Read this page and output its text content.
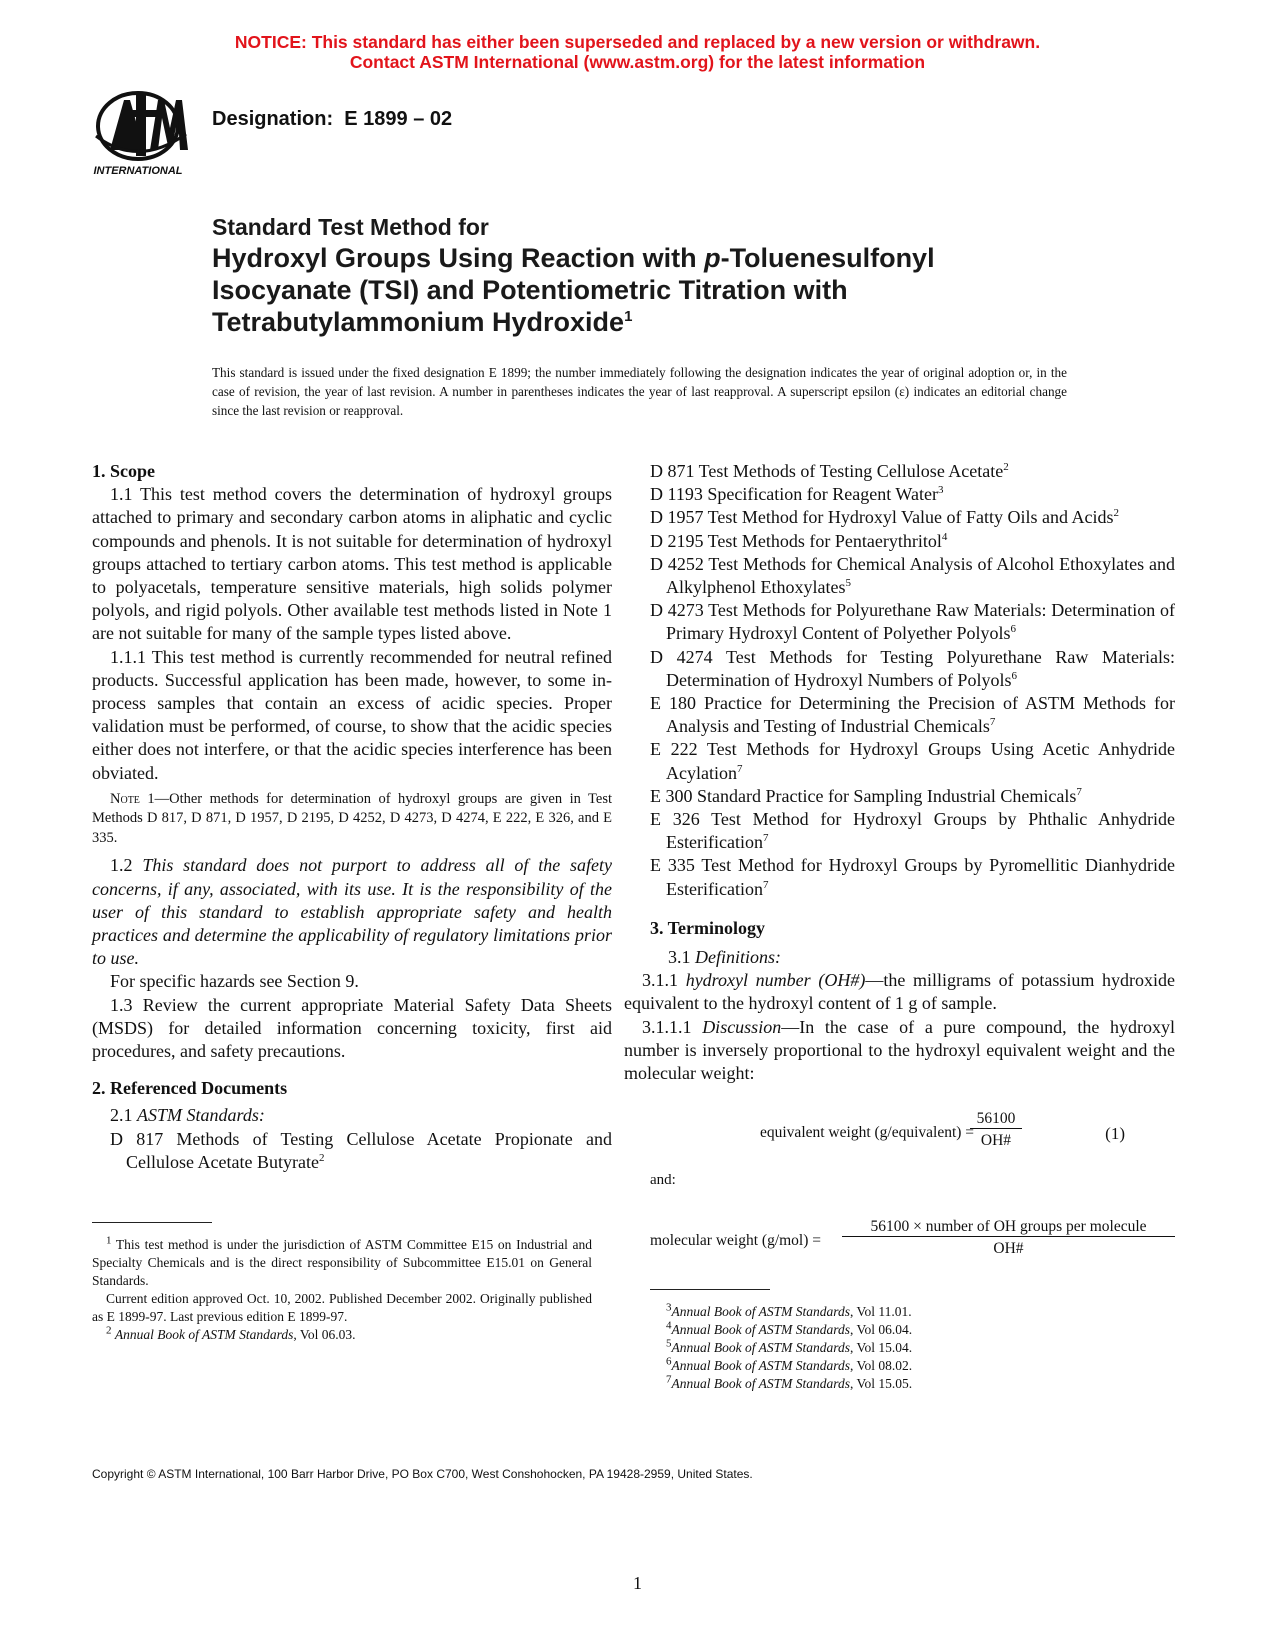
NOTICE: This standard has either been superseded and replaced by a new version or withdrawn.
Contact ASTM International (www.astm.org) for the latest information
INTERNATIONAL
Designation: E 1899 – 02
Standard Test Method for
Hydroxyl Groups Using Reaction with p-Toluenesulfonyl
Isocyanate (TSI) and Potentiometric Titration with
Tetrabutylammonium Hydroxide$^1$
This standard is issued under the fixed designation E 1899; the number immediately following the designation indicates the year of original adoption or, in the case of revision, the year of last revision. A number in parentheses indicates the year of last reapproval. A superscript epsilon (ε) indicates an editorial change since the last revision or reapproval.

1. Scope

1.1 This test method covers the determination of hydroxyl groups attached to primary and secondary carbon atoms in aliphatic and cyclic compounds and phenols. It is not suitable for determination of hydroxyl groups attached to tertiary carbon atoms. This test method is applicable to polyacetals, temperature sensitive materials, high solids polymer polyols, and rigid polyols. Other available test methods listed in Note 1 are not suitable for many of the sample types listed above.

1.1.1 This test method is currently recommended for neutral refined products. Successful application has been made, however, to some in-process samples that contain an excess of acidic species. Proper validation must be performed, of course, to show that the acidic species either does not interfere, or that the acidic species interference has been obviated.

Note 1—Other methods for determination of hydroxyl groups are given in Test Methods D 817, D 871, D 1957, D 2195, D 4252, D 4273, D 4274, E 222, E 326, and E 335.

1.2 This standard does not purport to address all of the safety concerns, if any, associated, with its use. It is the responsibility of the user of this standard to establish appropriate safety and health practices and determine the applicability of regulatory limitations prior to use.

For specific hazards see Section 9.

1.3 Review the current appropriate Material Safety Data Sheets (MSDS) for detailed information concerning toxicity, first aid procedures, and safety precautions.

2. Referenced Documents

2.1 ASTM Standards:

D 817 Methods of Testing Cellulose Acetate Propionate and Cellulose Acetate Butyrate$^2$

$^1$ This test method is under the jurisdiction of ASTM Committee E15 on Industrial and Specialty Chemicals and is the direct responsibility of Subcommittee E15.01 on General Standards.

Current edition approved Oct. 10, 2002. Published December 2002. Originally published as E 1899-97. Last previous edition E 1899-97.

$^2$ Annual Book of ASTM Standards, Vol 06.03.

D 871 Test Methods of Testing Cellulose Acetate$^2$

D 1193 Specification for Reagent Water$^3$

D 1957 Test Method for Hydroxyl Value of Fatty Oils and Acids$^2$

D 2195 Test Methods for Pentaerythritol$^4$

D 4252 Test Methods for Chemical Analysis of Alcohol Ethoxylates and Alkylphenol Ethoxylates$^5$

D 4273 Test Methods for Polyurethane Raw Materials: Determination of Primary Hydroxyl Content of Polyether Polyols$^6$

D 4274 Test Methods for Testing Polyurethane Raw Materials: Determination of Hydroxyl Numbers of Polyols$^6$

E 180 Practice for Determining the Precision of ASTM Methods for Analysis and Testing of Industrial Chemicals$^7$

E 222 Test Methods for Hydroxyl Groups Using Acetic Anhydride Acylation$^7$

E 300 Standard Practice for Sampling Industrial Chemicals$^7$

E 326 Test Method for Hydroxyl Groups by Phthalic Anhydride Esterification$^7$

E 335 Test Method for Hydroxyl Groups by Pyromellitic Dianhydride Esterification$^7$

3. Terminology

3.1 Definitions:

3.1.1 hydroxyl number (OH#)—the milligrams of potassium hydroxide equivalent to the hydroxyl content of 1 g of sample.

3.1.1.1 Discussion—In the case of a pure compound, the hydroxyl number is inversely proportional to the hydroxyl equivalent weight and the molecular weight:

equivalent weight (g/equivalent) =
56100
OH#	(1)
and:
molecular weight (g/mol) =
56100 × number of OH groups per molecule
OH#

$^3$Annual Book of ASTM Standards, Vol 11.01.

$^4$Annual Book of ASTM Standards, Vol 06.04.

$^5$Annual Book of ASTM Standards, Vol 15.04.

$^6$Annual Book of ASTM Standards, Vol 08.02.

$^7$Annual Book of ASTM Standards, Vol 15.05.

Copyright © ASTM International, 100 Barr Harbor Drive, PO Box C700, West Conshohocken, PA 19428-2959, United States.
1
